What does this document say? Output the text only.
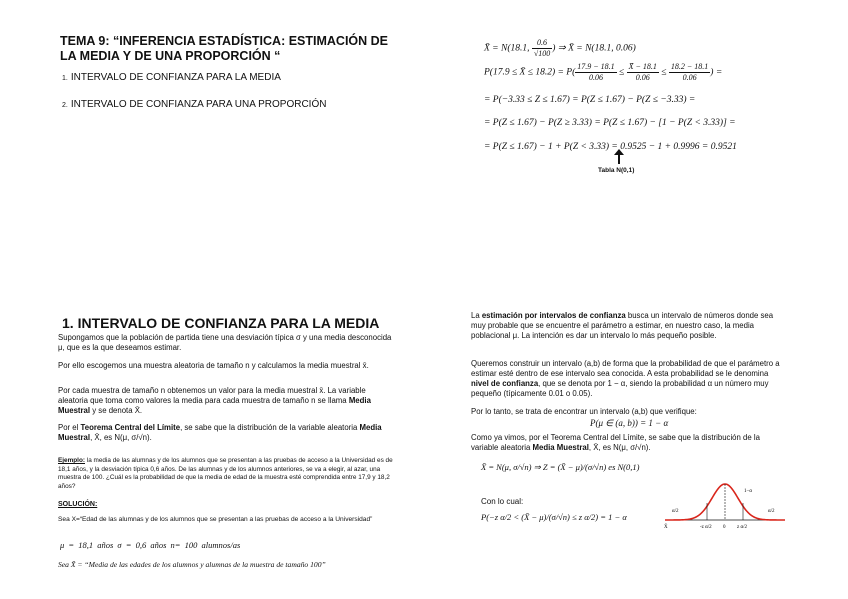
TEMA 9: “INFERENCIA ESTADÍSTICA: ESTIMACIÓN DE LA MEDIA Y DE UNA PROPORCIÓN “
1. INTERVALO DE CONFIANZA PARA LA MEDIA
2. INTERVALO DE CONFIANZA PARA UNA PROPORCIÓN
X̄ = N(18.1, $\frac{0.6}{√100}$ ) ⇒ X̄ = N(18.1, 0.06)
P(17.9 ≤ X̄ ≤ $18.2) = P( \frac{17.9 - 18.1}{0.06} \le \frac{X̄ - 18.1}{0.06} \le \frac{18.2 - 18.1}{0.06}$ ) =
= P(−3.33 ≤ Z ≤ 1.67) = P(Z ≤ 1.67) − P(Z ≤ −3.33) =
= P(Z ≤ 1.67) − P(Z ≥ 3.33) = P(Z ≤ 1.67) − [1 − P(Z < 3.33)] =
= P(Z ≤ 1.67) − 1 + P(Z < 3.33) = 0.9525 − 1 + 0.9996 = 0.9521
Tabla N(0,1)
1. INTERVALO DE CONFIANZA PARA LA MEDIA
Supongamos que la población de partida tiene una desviación típica σ y una media desconocida μ, que es la que deseamos estimar.
Por ello escogemos una muestra aleatoria de tamaño n y calculamos la media muestral x̄.
Por cada muestra de tamaño n obtenemos un valor para la media muestral x̄. La variable aleatoria que toma como valores la media para cada muestra de tamaño n se llama Media Muestral y se denota X̄.
Por el Teorema Central del Límite, se sabe que la distribución de la variable aleatoria Media Muestral, X̄, es N(μ, σ/√n).
Ejemplo: la media de las alumnas y de los alumnos que se presentan a las pruebas de acceso a la Universidad es de 18,1 años, y la desviación típica 0,6 años. De las alumnas y de los alumnos anteriores, se va a elegir, al azar, una muestra de 100. ¿Cuál es la probabilidad de que la media de edad de la muestra esté comprendida entre 17,9 y 18,2 años?
SOLUCIÓN:
Sea X=“Edad de las alumnas y de los alumnos que se presentan a las pruebas de acceso a la Universidad”
μ = 18,1 años σ = 0,6 años n= 100 alumnos/as
Sea X̄ = “Media de las edades de los alumnos y alumnas de la muestra de tamaño 100”
La estimación por intervalos de confianza busca un intervalo de números donde sea muy probable que se encuentre el parámetro a estimar, en nuestro caso, la media poblacional μ. La intención es dar un intervalo lo más pequeño posible.
Queremos construir un intervalo (a,b) de forma que la probabilidad de que el parámetro a estimar esté dentro de ese intervalo sea conocida. A esta probabilidad se le denomina nivel de confianza, que se denota por 1 − α, siendo la probabilidad α un número muy pequeño (típicamente 0.01 o 0.05).
Por lo tanto, se trata de encontrar un intervalo (a,b) que verifique:
P(μ ∈ (a, b)) = 1 − α
Como ya vimos, por el Teorema Central del Límite, se sabe que la distribución de la variable aleatoria Media Muestral, X̄, es N(μ, σ/√n).
X̄ = N(μ, σ/√n) ⇒ Z = (X̄ − μ)/(σ/√n) es N(0,1)
Con lo cual:
P(−z α/2 < (X̄ − μ)/(σ/√n) ≤ z α/2) = 1 − α
α/2	α/2
1−α
X̄	-z α/2 0 z α/2
